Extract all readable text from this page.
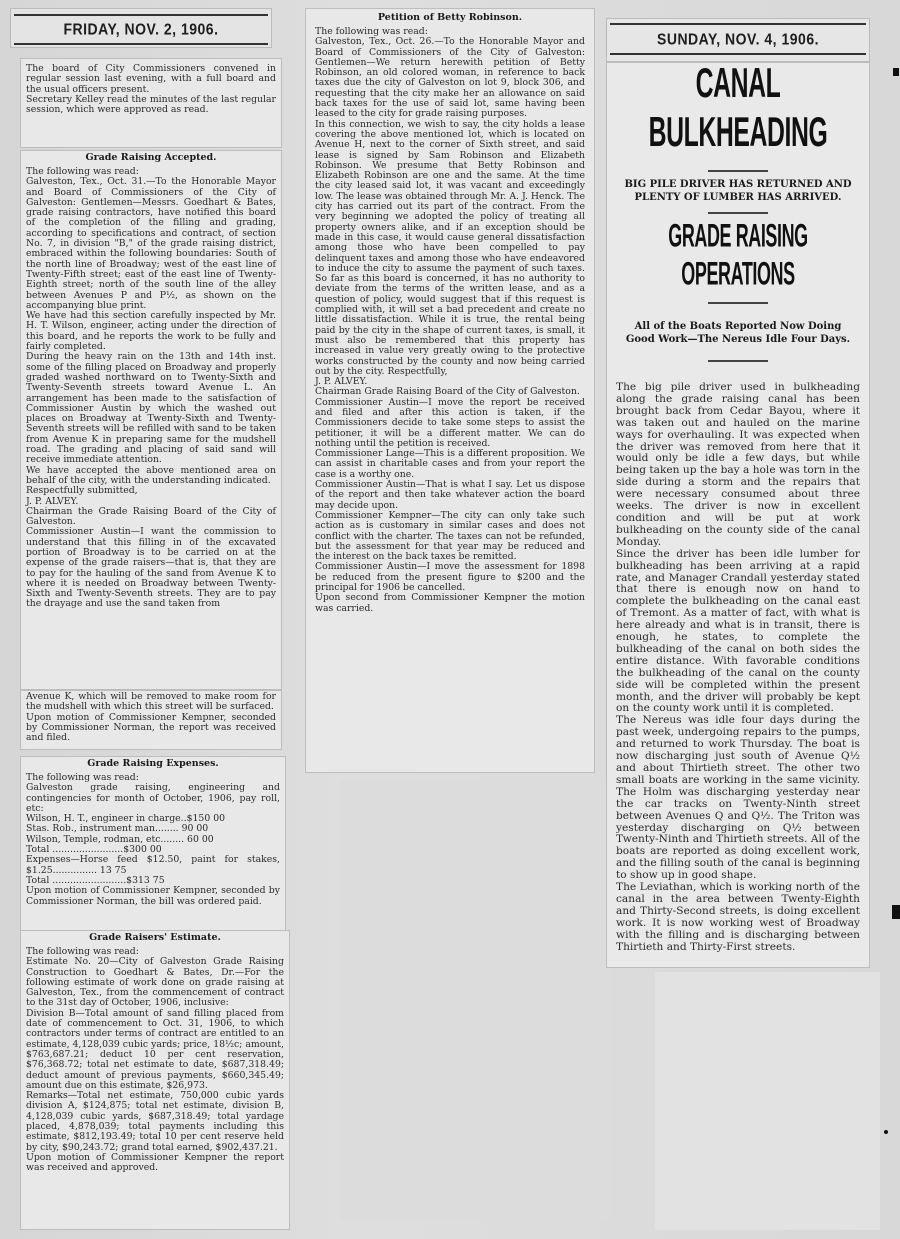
FRIDAY, NOV. 2, 1906.

The board of City Commissioners convened in regular session last evening, with a full board and the usual officers present.
Secretary Kelley read the minutes of the last regular session, which were approved as read.

Grade Raising Accepted.

The following was read:
Galveston, Tex., Oct. 31.—To the Honorable Mayor and Board of Commissioners of the City of Galveston: Gentlemen—Messrs. Goedhart & Bates, grade raising contractors, have notified this board of the completion of the filling and grading, according to specifications and contract, of section No. 7, in division "B," of the grade raising district, embraced within the following boundaries: South of the north line of Broadway; west of the east line of Twenty-Fifth street; east of the east line of Twenty-Eighth street; north of the south line of the alley between Avenues P and P½, as shown on the accompanying blue print.
We have had this section carefully inspected by Mr. H. T. Wilson, engineer, acting under the direction of this board, and he reports the work to be fully and fairly completed.
During the heavy rain on the 13th and 14th inst. some of the filling placed on Broadway and properly graded washed northward on to Twenty-Sixth and Twenty-Seventh streets toward Avenue L. An arrangement has been made to the satisfaction of Commissioner Austin by which the washed out places on Broadway at Twenty-Sixth and Twenty-Seventh streets will be refilled with sand to be taken from Avenue K in preparing same for the mudshell road. The grading and placing of said sand will receive immediate attention.
We have accepted the above mentioned area on behalf of the city, with the understanding indicated.
Respectfully submitted,
J. P. ALVEY.
Chairman the Grade Raising Board of the City of Galveston.
Commissioner Austin—I want the commission to understand that this filling in of the excavated portion of Broadway is to be carried on at the expense of the grade raisers—that is, that they are to pay for the hauling of the sand from Avenue K to where it is needed on Broadway between Twenty-Sixth and Twenty-Seventh streets. They are to pay the drayage and use the sand taken from

Avenue K, which will be removed to make room for the mudshell with which this street will be surfaced.
Upon motion of Commissioner Kempner, seconded by Commissioner Norman, the report was received and filed.

Grade Raising Expenses.

The following was read:
Galveston grade raising, engineering and contingencies for month of October, 1906, pay roll, etc:
Wilson, H. T., engineer in charge..$150 00
Stas. Rob., instrument man........ 90 00
Wilson, Temple, rodman, etc........ 60 00
Total ........................$300 00
Expenses—Horse feed $12.50, paint for stakes, $1.25............... 13 75
Total .........................$313 75
Upon motion of Commissioner Kempner, seconded by Commissioner Norman, the bill was ordered paid.

Grade Raisers' Estimate.

The following was read:
Estimate No. 20—City of Galveston Grade Raising Construction to Goedhart & Bates, Dr.—For the following estimate of work done on grade raising at Galveston, Tex., from the commencement of contract to the 31st day of October, 1906, inclusive:
Division B—Total amount of sand filling placed from date of commencement to Oct. 31, 1906, to which contractors under terms of contract are entitled to an estimate, 4,128,039 cubic yards; price, 18½c; amount, $763,687.21; deduct 10 per cent reservation, $76,368.72; total net estimate to date, $687,318.49; deduct amount of previous payments, $660,345.49; amount due on this estimate, $26,973.
Remarks—Total net estimate, 750,000 cubic yards division A, $124,875; total net estimate, division B, 4,128,039 cubic yards, $687,318.49; total yardage placed, 4,878,039; total payments including this estimate, $812,193.49; total 10 per cent reserve held by city, $90,243.72; grand total earned, $902,437.21.
Upon motion of Commissioner Kempner the report was received and approved.

Petition of Betty Robinson.

The following was read:
Galveston, Tex., Oct. 26.—To the Honorable Mayor and Board of Commissioners of the City of Galveston: Gentlemen—We return herewith petition of Betty Robinson, an old colored woman, in reference to back taxes due the city of Galveston on lot 9, block 306, and requesting that the city make her an allowance on said back taxes for the use of said lot, same having been leased to the city for grade raising purposes.
In this connection, we wish to say, the city holds a lease covering the above mentioned lot, which is located on Avenue H, next to the corner of Sixth street, and said lease is signed by Sam Robinson and Elizabeth Robinson. We presume that Betty Robinson and Elizabeth Robinson are one and the same. At the time the city leased said lot, it was vacant and exceedingly low. The lease was obtained through Mr. A. J. Henck. The city has carried out its part of the contract. From the very beginning we adopted the policy of treating all property owners alike, and if an exception should be made in this case, it would cause general dissatisfaction among those who have been compelled to pay delinquent taxes and among those who have endeavored to induce the city to assume the payment of such taxes. So far as this board is concerned, it has no authority to deviate from the terms of the written lease, and as a question of policy, would suggest that if this request is complied with, it will set a bad precedent and create no little dissatisfaction. While it is true, the rental being paid by the city in the shape of current taxes, is small, it must also be remembered that this property has increased in value very greatly owing to the protective works constructed by the county and now being carried out by the city. Respectfully,
J. P. ALVEY.
Chairman Grade Raising Board of the City of Galveston.
Commissioner Austin—I move the report be received and filed and after this action is taken, if the Commissioners decide to take some steps to assist the petitioner, it will be a different matter. We can do nothing until the petition is received.
Commissioner Lange—This is a different proposition. We can assist in charitable cases and from your report the case is a worthy one.
Commissioner Austin—That is what I say. Let us dispose of the report and then take whatever action the board may decide upon.
Commissioner Kempner—The city can only take such action as is customary in similar cases and does not conflict with the charter. The taxes can not be refunded, but the assessment for that year may be reduced and the interest on the back taxes be remitted.
Commissioner Austin—I move the assessment for 1898 be reduced from the present figure to $200 and the principal for 1906 be cancelled.
Upon second from Commissioner Kempner the motion was carried.

SUNDAY, NOV. 4, 1906.
CANAL BULKHEADING
BIG PILE DRIVER HAS RETURNED AND PLENTY OF LUMBER HAS ARRIVED.
GRADE RAISING OPERATIONS
All of the Boats Reported Now Doing Good Work—The Nereus Idle Four Days.

The big pile driver used in bulkheading along the grade raising canal has been brought back from Cedar Bayou, where it was taken out and hauled on the marine ways for overhauling. It was expected when the driver was removed from here that it would only be idle a few days, but while being taken up the bay a hole was torn in the side during a storm and the repairs that were necessary consumed about three weeks. The driver is now in excellent condition and will be put at work bulkheading on the county side of the canal Monday.
Since the driver has been idle lumber for bulkheading has been arriving at a rapid rate, and Manager Crandall yesterday stated that there is enough now on hand to complete the bulkheading on the canal east of Tremont. As a matter of fact, with what is here already and what is in transit, there is enough, he states, to complete the bulkheading of the canal on both sides the entire distance. With favorable conditions the bulkheading of the canal on the county side will be completed within the present month, and the driver will probably be kept on the county work until it is completed.
The Nereus was idle four days during the past week, undergoing repairs to the pumps, and returned to work Thursday. The boat is now discharging just south of Avenue Q½ and about Thirtieth street. The other two small boats are working in the same vicinity. The Holm was discharging yesterday near the car tracks on Twenty-Ninth street between Avenues Q and Q½. The Triton was yesterday discharging on Q½ between Twenty-Ninth and Thirtieth streets. All of the boats are reported as doing excellent work, and the filling south of the canal is beginning to show up in good shape.
The Leviathan, which is working north of the canal in the area between Twenty-Eighth and Thirty-Second streets, is doing excellent work. It is now working west of Broadway with the filling and is discharging between Thirtieth and Thirty-First streets.
